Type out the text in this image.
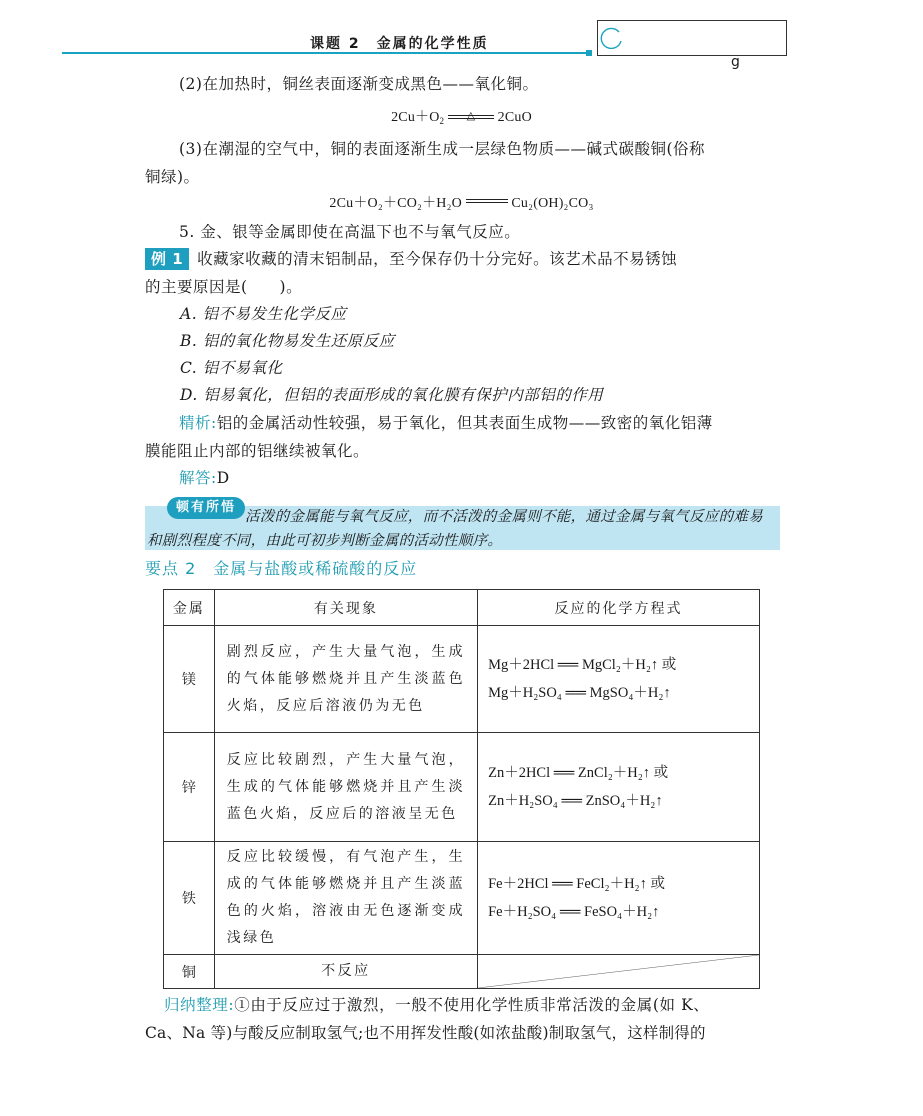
课题 2　金属的化学性质
g
(2)在加热时，铜丝表面逐渐变成黑色——氧化铜。
$2Cu+O_2$	△	2CuO
(3)在潮湿的空气中，铜的表面逐渐生成一层绿色物质——碱式碳酸铜(俗称
铜绿)。
2Cu＋O₂＋CO₂＋H₂O	Cu₂(OH)₂CO₃
5. 金、银等金属即使在高温下也不与氧气反应。
例 1 收藏家收藏的清末铝制品，至今保存仍十分完好。该艺术品不易锈蚀
的主要原因是(　　)。
A. 铝不易发生化学反应
B. 铝的氧化物易发生还原反应
C. 铝不易氧化
D. 铝易氧化，但铝的表面形成的氧化膜有保护内部铝的作用
精析:铝的金属活动性较强，易于氧化，但其表面生成物——致密的氧化铝薄
膜能阻止内部的铝继续被氧化。
解答:D
活泼的金属能与氧气反应，而不活泼的金属则不能，通过金属与氧气反应的难易和剧烈程度不同，由此可初步判断金属的活动性顺序。
顿有所悟
要点 2　金属与盐酸或稀硫酸的反应
金属	有关现象	反应的化学方程式
镁	剧烈反应，产生大量气泡，生成的气体能够燃烧并且产生淡蓝色火焰，反应后溶液仍为无色	Mg＋2HCl ══ MgCl₂＋H₂↑ 或
Mg＋H₂SO₄ ══ MgSO₄＋H₂↑

锌	反应比较剧烈，产生大量气泡，生成的气体能够燃烧并且产生淡蓝色火焰，反应后的溶液呈无色	Zn＋2HCl ══ ZnCl₂＋H₂↑ 或
Zn＋H₂SO₄ ══ ZnSO₄＋H₂↑

铁	反应比较缓慢，有气泡产生，生成的气体能够燃烧并且产生淡蓝色的火焰，溶液由无色逐渐变成浅绿色	Fe＋2HCl ══ FeCl₂＋H₂↑ 或
Fe＋H₂SO₄ ══ FeSO₄＋H₂↑

铜	不反应	
归纳整理:①由于反应过于激烈，一般不使用化学性质非常活泼的金属(如 K、
Ca、Na 等)与酸反应制取氢气;也不用挥发性酸(如浓盐酸)制取氢气，这样制得的
